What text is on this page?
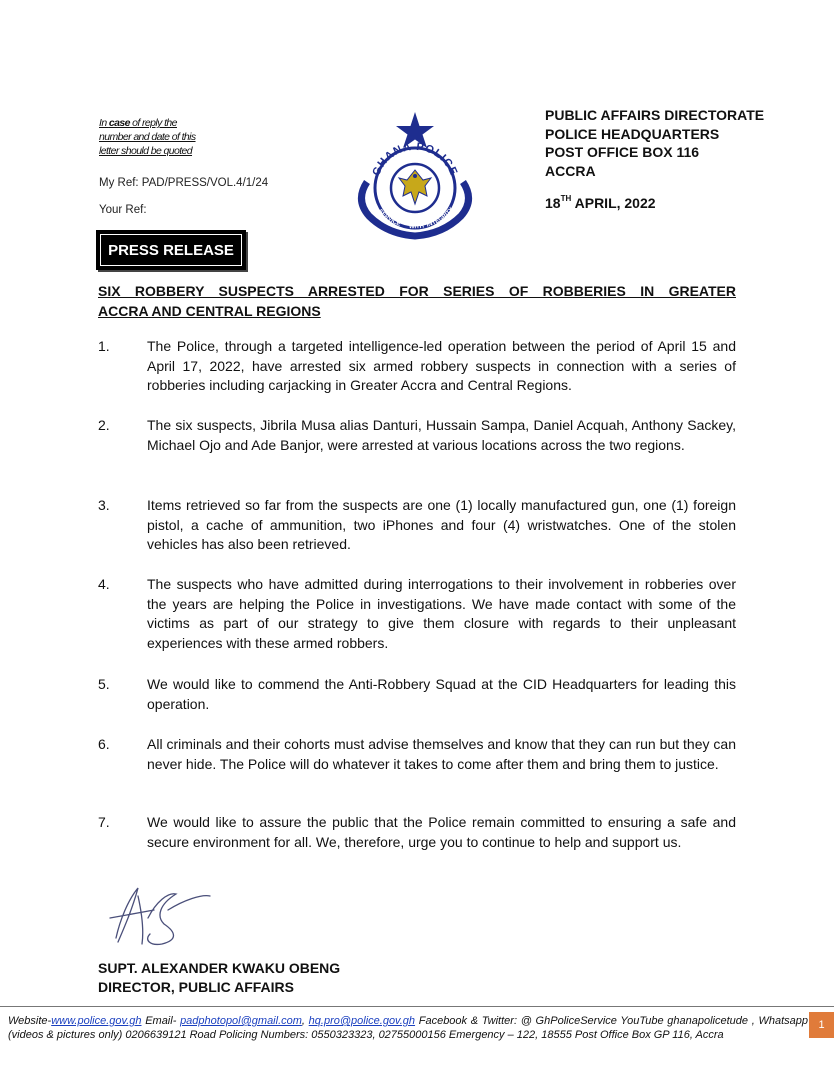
In case of reply the
number and date of this
letter should be quoted
My Ref: PAD/PRESS/VOL.4/1/24
Your Ref:
GHANA POLICE
SERVICE WITH INTEGRITY
PUBLIC AFFAIRS DIRECTORATE
POLICE HEADQUARTERS
POST OFFICE BOX 116
ACCRA
18TH APRIL, 2022
PRESS RELEASE
SIX ROBBERY SUSPECTS ARRESTED FOR SERIES OF ROBBERIES IN GREATER
ACCRA AND CENTRAL REGIONS
1.	The Police, through a targeted intelligence-led operation between the period of April 15 and April 17, 2022, have arrested six armed robbery suspects in connection with a series of robberies including carjacking in Greater Accra and Central Regions.
2.	The six suspects, Jibrila Musa alias Danturi, Hussain Sampa, Daniel Acquah, Anthony Sackey, Michael Ojo and Ade Banjor, were arrested at various locations across the two regions.
3.	Items retrieved so far from the suspects are one (1) locally manufactured gun, one (1) foreign pistol, a cache of ammunition, two iPhones and four (4) wristwatches. One of the stolen vehicles has also been retrieved.
4.	The suspects who have admitted during interrogations to their involvement in robberies over the years are helping the Police in investigations. We have made contact with some of the victims as part of our strategy to give them closure with regards to their unpleasant experiences with these armed robbers.
5.	We would like to commend the Anti-Robbery Squad at the CID Headquarters for leading this operation.
6.	All criminals and their cohorts must advise themselves and know that they can run but they can never hide. The Police will do whatever it takes to come after them and bring them to justice.
7.	We would like to assure the public that the Police remain committed to ensuring a safe and secure environment for all. We, therefore, urge you to continue to help and support us.
SUPT. ALEXANDER KWAKU OBENG
DIRECTOR, PUBLIC AFFAIRS
Website-www.police.gov.gh Email- padphotopol@gmail.com, hq.pro@police.gov.gh Facebook & Twitter: @ GhPoliceService YouTube ghanapolicetude , Whatsapp (videos & pictures only) 0206639121 Road Policing Numbers: 0550323323, 02755000156 Emergency – 122, 18555 Post Office Box GP 116, Accra
1
